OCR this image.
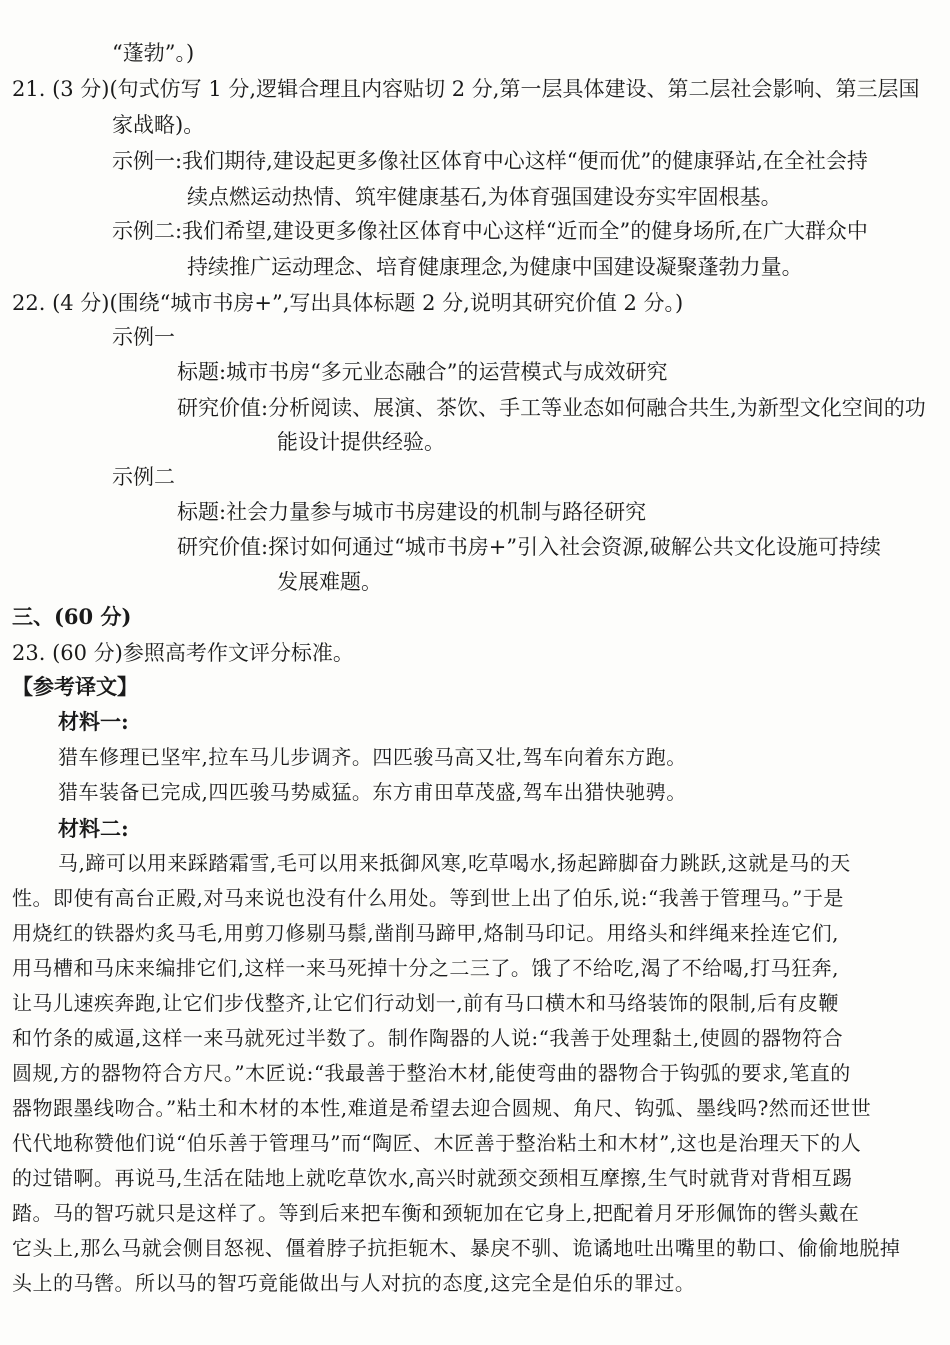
“蓬勃”。)
21. (3 分)(句式仿写 1 分,逻辑合理且内容贴切 2 分,第一层具体建设、第二层社会影响、第三层国
家战略)。
示例一:我们期待,建设起更多像社区体育中心这样“便而优”的健康驿站,在全社会持
续点燃运动热情、筑牢健康基石,为体育强国建设夯实牢固根基。
示例二:我们希望,建设更多像社区体育中心这样“近而全”的健身场所,在广大群众中
持续推广运动理念、培育健康理念,为健康中国建设凝聚蓬勃力量。
22. (4 分)(围绕“城市书房+”,写出具体标题 2 分,说明其研究价值 2 分。)
示例一
标题:城市书房“多元业态融合”的运营模式与成效研究
研究价值:分析阅读、展演、茶饮、手工等业态如何融合共生,为新型文化空间的功
能设计提供经验。
示例二
标题:社会力量参与城市书房建设的机制与路径研究
研究价值:探讨如何通过“城市书房+”引入社会资源,破解公共文化设施可持续
发展难题。
三、(60 分)
23. (60 分)参照高考作文评分标准。
【参考译文】
材料一:
猎车修理已坚牢,拉车马儿步调齐。四匹骏马高又壮,驾车向着东方跑。
猎车装备已完成,四匹骏马势威猛。东方甫田草茂盛,驾车出猎快驰骋。
材料二:
马,蹄可以用来踩踏霜雪,毛可以用来抵御风寒,吃草喝水,扬起蹄脚奋力跳跃,这就是马的天
性。即使有高台正殿,对马来说也没有什么用处。等到世上出了伯乐,说:“我善于管理马。”于是
用烧红的铁器灼炙马毛,用剪刀修剔马鬃,凿削马蹄甲,烙制马印记。用络头和绊绳来拴连它们,
用马槽和马床来编排它们,这样一来马死掉十分之二三了。饿了不给吃,渴了不给喝,打马狂奔,
让马儿速疾奔跑,让它们步伐整齐,让它们行动划一,前有马口横木和马络装饰的限制,后有皮鞭
和竹条的威逼,这样一来马就死过半数了。制作陶器的人说:“我善于处理黏土,使圆的器物符合
圆规,方的器物符合方尺。”木匠说:“我最善于整治木材,能使弯曲的器物合于钩弧的要求,笔直的
器物跟墨线吻合。”粘土和木材的本性,难道是希望去迎合圆规、角尺、钩弧、墨线吗?然而还世世
代代地称赞他们说“伯乐善于管理马”而“陶匠、木匠善于整治粘土和木材”,这也是治理天下的人
的过错啊。再说马,生活在陆地上就吃草饮水,高兴时就颈交颈相互摩擦,生气时就背对背相互踢
踏。马的智巧就只是这样了。等到后来把车衡和颈轭加在它身上,把配着月牙形佩饰的辔头戴在
它头上,那么马就会侧目怒视、僵着脖子抗拒轭木、暴戾不驯、诡谲地吐出嘴里的勒口、偷偷地脱掉
头上的马辔。所以马的智巧竟能做出与人对抗的态度,这完全是伯乐的罪过。
